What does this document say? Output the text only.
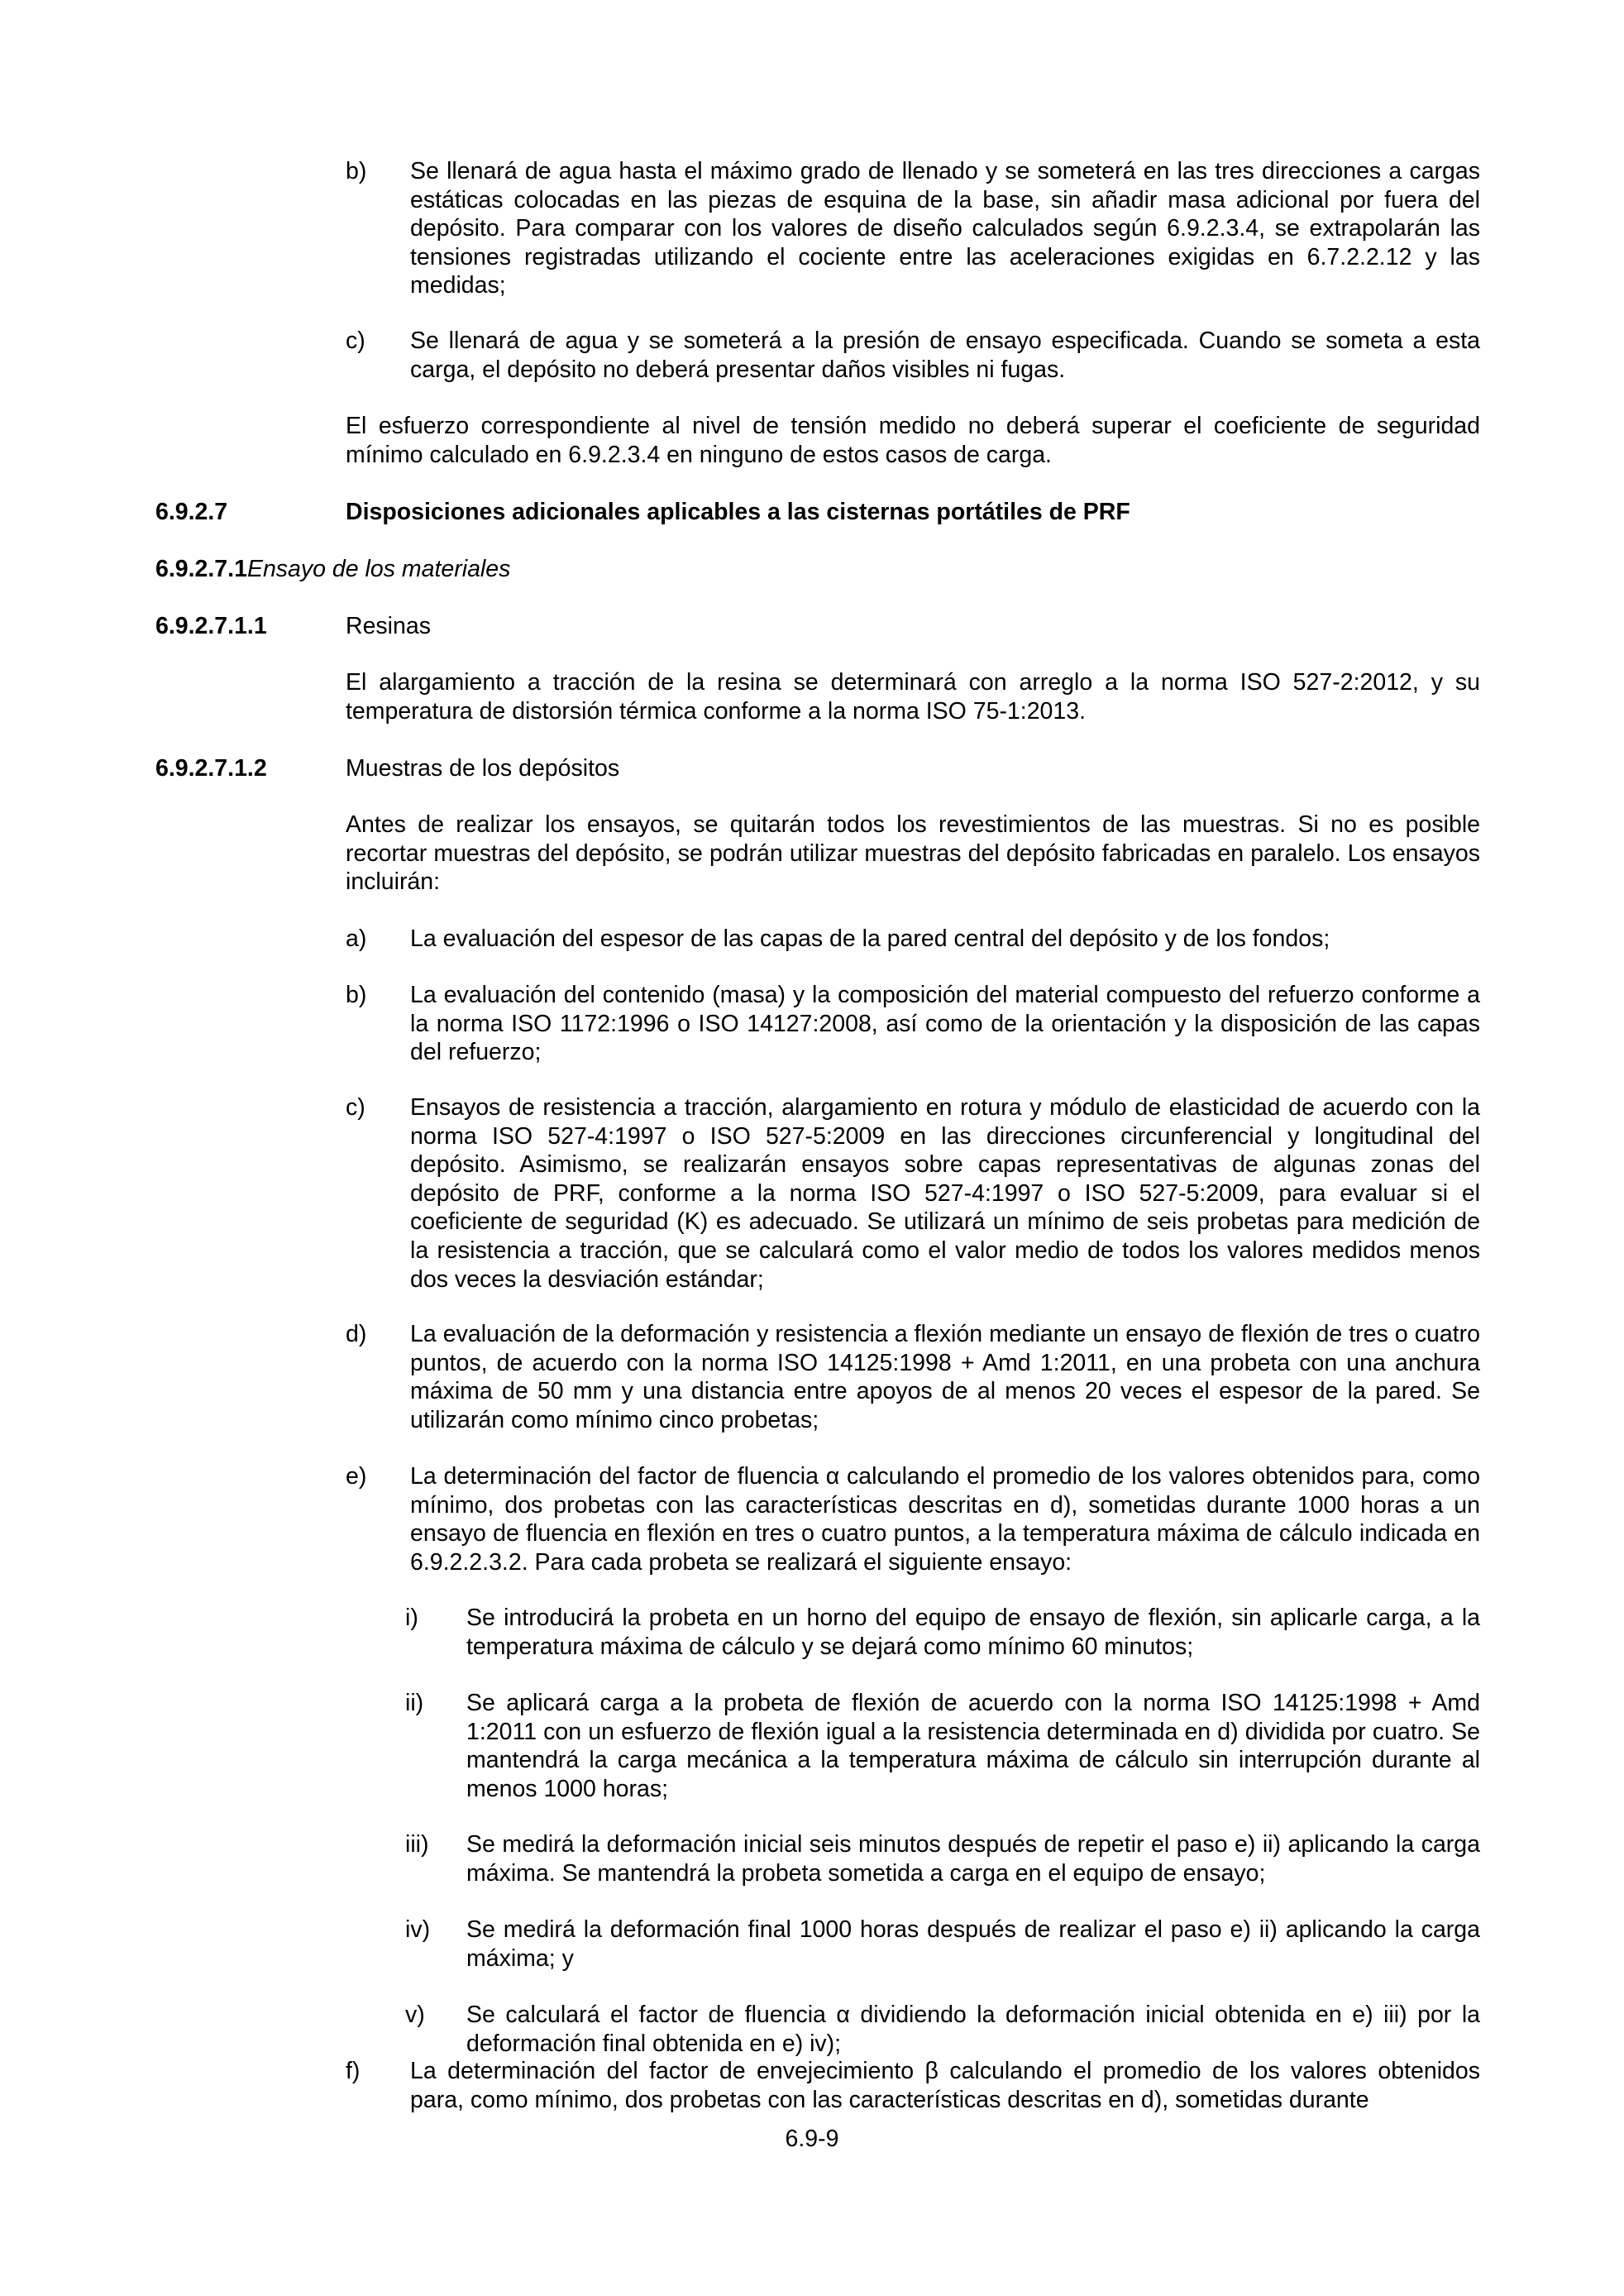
b) Se llenará de agua hasta el máximo grado de llenado y se someterá en las tres direcciones a cargas estáticas colocadas en las piezas de esquina de la base, sin añadir masa adicional por fuera del depósito. Para comparar con los valores de diseño calculados según 6.9.2.3.4, se extrapolarán las tensiones registradas utilizando el cociente entre las aceleraciones exigidas en 6.7.2.2.12 y las medidas;
c) Se llenará de agua y se someterá a la presión de ensayo especificada. Cuando se someta a esta carga, el depósito no deberá presentar daños visibles ni fugas.
El esfuerzo correspondiente al nivel de tensión medido no deberá superar el coeficiente de seguridad mínimo calculado en 6.9.2.3.4 en ninguno de estos casos de carga.
6.9.2.7	Disposiciones adicionales aplicables a las cisternas portátiles de PRF
6.9.2.7.1Ensayo de los materiales
6.9.2.7.1.1	Resinas
El alargamiento a tracción de la resina se determinará con arreglo a la norma ISO 527-2:2012, y su temperatura de distorsión térmica conforme a la norma ISO 75-1:2013.
6.9.2.7.1.2	Muestras de los depósitos
Antes de realizar los ensayos, se quitarán todos los revestimientos de las muestras. Si no es posible recortar muestras del depósito, se podrán utilizar muestras del depósito fabricadas en paralelo. Los ensayos incluirán:
a) La evaluación del espesor de las capas de la pared central del depósito y de los fondos;
b) La evaluación del contenido (masa) y la composición del material compuesto del refuerzo conforme a la norma ISO 1172:1996 o ISO 14127:2008, así como de la orientación y la disposición de las capas del refuerzo;
c) Ensayos de resistencia a tracción, alargamiento en rotura y módulo de elasticidad de acuerdo con la norma ISO 527-4:1997 o ISO 527-5:2009 en las direcciones circunferencial y longitudinal del depósito. Asimismo, se realizarán ensayos sobre capas representativas de algunas zonas del depósito de PRF, conforme a la norma ISO 527-4:1997 o ISO 527-5:2009, para evaluar si el coeficiente de seguridad (K) es adecuado. Se utilizará un mínimo de seis probetas para medición de la resistencia a tracción, que se calculará como el valor medio de todos los valores medidos menos dos veces la desviación estándar;
d) La evaluación de la deformación y resistencia a flexión mediante un ensayo de flexión de tres o cuatro puntos, de acuerdo con la norma ISO 14125:1998 + Amd 1:2011, en una probeta con una anchura máxima de 50 mm y una distancia entre apoyos de al menos 20 veces el espesor de la pared. Se utilizarán como mínimo cinco probetas;
e) La determinación del factor de fluencia α calculando el promedio de los valores obtenidos para, como mínimo, dos probetas con las características descritas en d), sometidas durante 1000 horas a un ensayo de fluencia en flexión en tres o cuatro puntos, a la temperatura máxima de cálculo indicada en 6.9.2.2.3.2. Para cada probeta se realizará el siguiente ensayo:
i) Se introducirá la probeta en un horno del equipo de ensayo de flexión, sin aplicarle carga, a la temperatura máxima de cálculo y se dejará como mínimo 60 minutos;
ii) Se aplicará carga a la probeta de flexión de acuerdo con la norma ISO 14125:1998 + Amd 1:2011 con un esfuerzo de flexión igual a la resistencia determinada en d) dividida por cuatro. Se mantendrá la carga mecánica a la temperatura máxima de cálculo sin interrupción durante al menos 1000 horas;
iii) Se medirá la deformación inicial seis minutos después de repetir el paso e) ii) aplicando la carga máxima. Se mantendrá la probeta sometida a carga en el equipo de ensayo;
iv) Se medirá la deformación final 1000 horas después de realizar el paso e) ii) aplicando la carga máxima; y
v) Se calculará el factor de fluencia α dividiendo la deformación inicial obtenida en e) iii) por la deformación final obtenida en e) iv);
f) La determinación del factor de envejecimiento β calculando el promedio de los valores obtenidos para, como mínimo, dos probetas con las características descritas en d), sometidas durante
6.9-9
